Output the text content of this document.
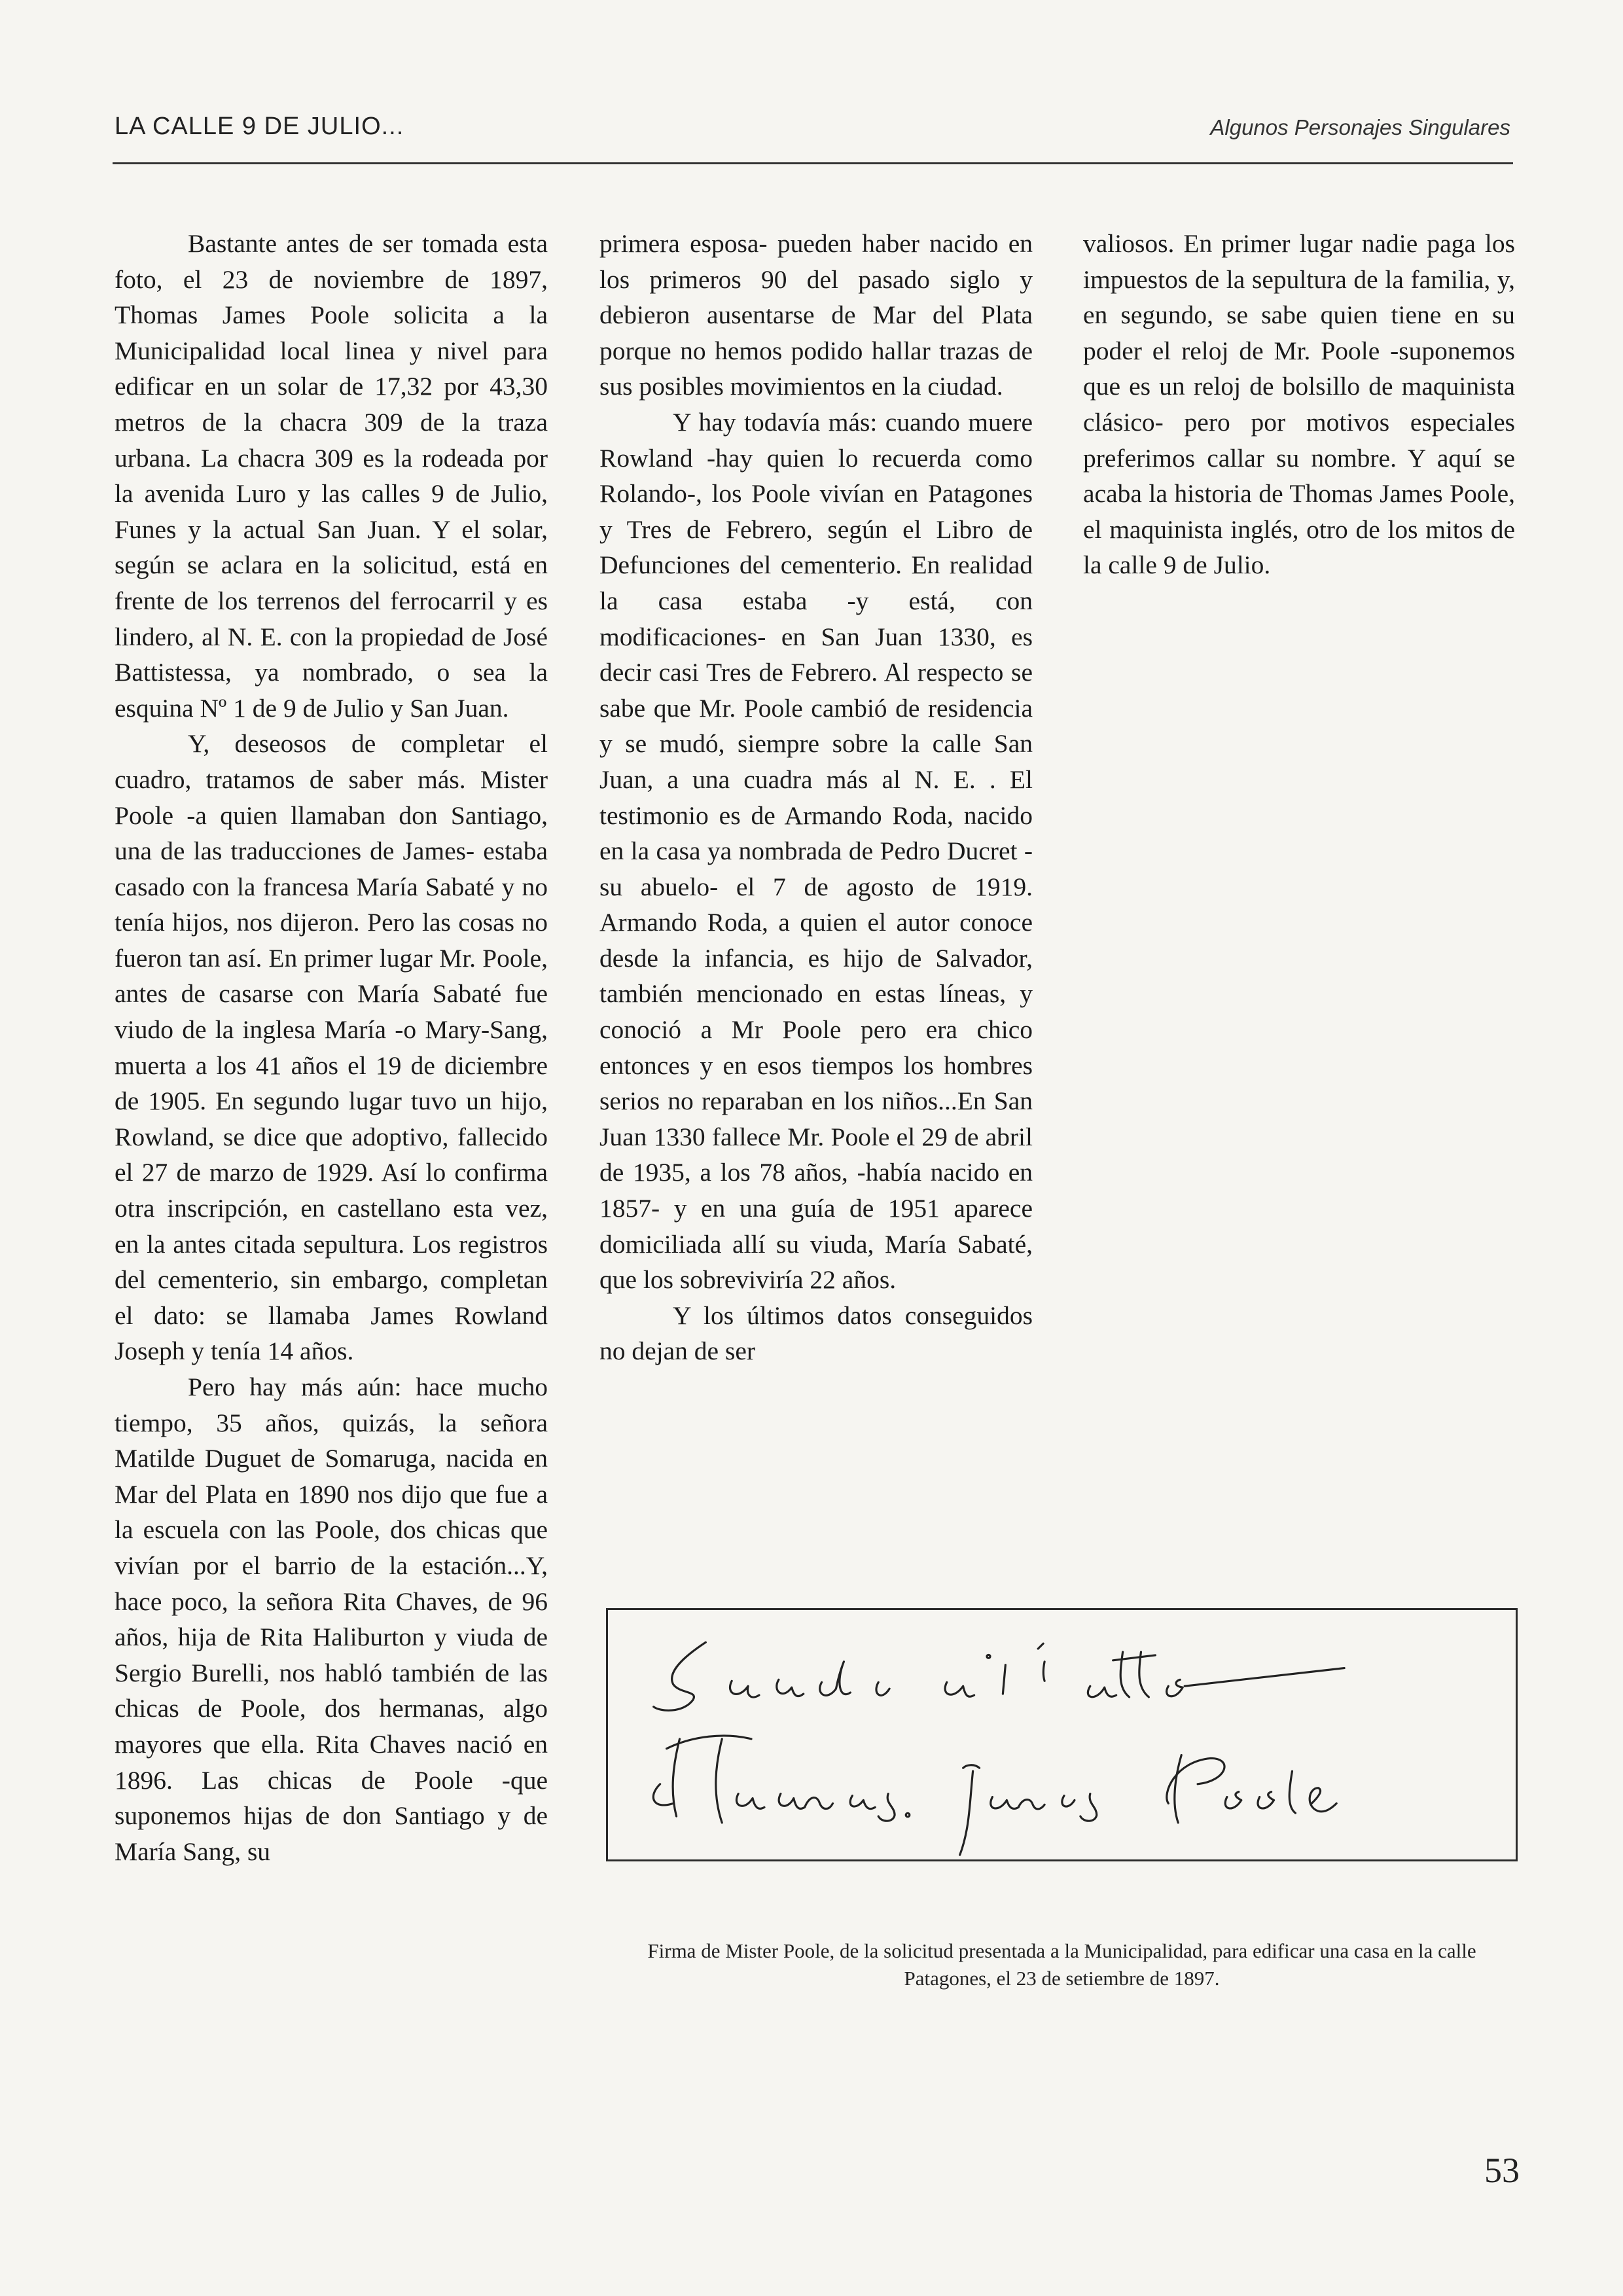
LA CALLE 9 DE JULIO...	Algunos Personajes Singulares

Bastante antes de ser tomada esta foto, el 23 de noviembre de 1897, Thomas James Poole solicita a la Municipalidad local linea y nivel para edificar en un solar de 17,32 por 43,30 metros de la chacra 309 de la traza urbana. La chacra 309 es la rodeada por la avenida Luro y las calles 9 de Julio, Funes y la actual San Juan. Y el solar, según se aclara en la solicitud, está en frente de los terrenos del ferrocarril y es lindero, al N. E. con la propiedad de José Battistessa, ya nombrado, o sea la esquina Nº 1 de 9 de Julio y San Juan.

Y, deseosos de completar el cuadro, tratamos de saber más. Mister Poole -a quien llamaban don Santiago, una de las traducciones de James- estaba casado con la francesa María Sabaté y no tenía hijos, nos dijeron. Pero las cosas no fueron tan así. En primer lugar Mr. Poole, antes de casarse con María Sabaté fue viudo de la inglesa María -o Mary-Sang, muerta a los 41 años el 19 de diciembre de 1905. En segundo lugar tuvo un hijo, Rowland, se dice que adoptivo, fallecido el 27 de marzo de 1929. Así lo confirma otra inscripción, en castellano esta vez, en la antes citada sepultura. Los registros del cementerio, sin embargo, completan el dato: se llamaba James Rowland Joseph y tenía 14 años.

Pero hay más aún: hace mucho tiempo, 35 años, quizás, la señora Matilde Duguet de Somaruga, nacida en Mar del Plata en 1890 nos dijo que fue a la escuela con las Poole, dos chicas que vivían por el barrio de la estación...Y, hace poco, la señora Rita Chaves, de 96 años, hija de Rita Haliburton y viuda de Sergio Burelli, nos habló también de las chicas de Poole, dos hermanas, algo mayores que ella. Rita Chaves nació en 1896. Las chicas de Poole -que suponemos hijas de don Santiago y de María Sang, su

primera esposa- pueden haber nacido en los primeros 90 del pasado siglo y debieron ausentarse de Mar del Plata porque no hemos podido hallar trazas de sus posibles movimientos en la ciudad.

Y hay todavía más: cuando muere Rowland -hay quien lo recuerda como Rolando-, los Poole vivían en Patagones y Tres de Febrero, según el Libro de Defunciones del cementerio. En realidad la casa estaba -y está, con modificaciones- en San Juan 1330, es decir casi Tres de Febrero. Al respecto se sabe que Mr. Poole cambió de residencia y se mudó, siempre sobre la calle San Juan, a una cuadra más al N. E. . El testimonio es de Armando Roda, nacido en la casa ya nombrada de Pedro Ducret -su abuelo- el 7 de agosto de 1919. Armando Roda, a quien el autor conoce desde la infancia, es hijo de Salvador, también mencionado en estas líneas, y conoció a Mr Poole pero era chico entonces y en esos tiempos los hombres serios no reparaban en los niños...En San Juan 1330 fallece Mr. Poole el 29 de abril de 1935, a los 78 años, -había nacido en 1857- y en una guía de 1951 aparece domiciliada allí su viuda, María Sabaté, que los sobreviviría 22 años.

Y los últimos datos conseguidos no dejan de ser

valiosos. En primer lugar nadie paga los impuestos de la sepultura de la familia, y, en segundo, se sabe quien tiene en su poder el reloj de Mr. Poole -suponemos que es un reloj de bolsillo de maquinista clásico- pero por motivos especiales preferimos callar su nombre. Y aquí se acaba la historia de Thomas James Poole, el maquinista inglés, otro de los mitos de la calle 9 de Julio.

Firma de Mister Poole, de la solicitud presentada a la Municipalidad, para edificar una casa en la calle Patagones, el 23 de setiembre de 1897.
53
